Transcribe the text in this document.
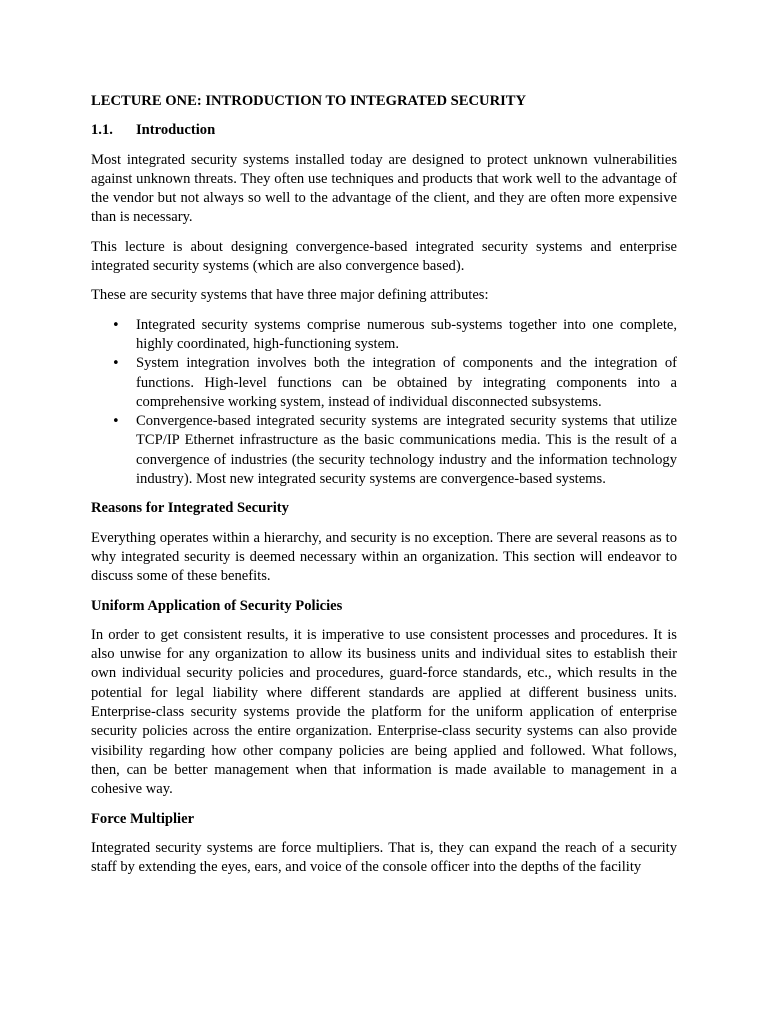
LECTURE ONE: INTRODUCTION TO INTEGRATED SECURITY
1.1.	Introduction

Most integrated security systems installed today are designed to protect unknown vulnerabilities against unknown threats. They often use techniques and products that work well to the advantage of the vendor but not always so well to the advantage of the client, and they are often more expensive than is necessary.

This lecture is about designing convergence-based integrated security systems and enterprise integrated security systems (which are also convergence based).

These are security systems that have three major defining attributes:

• Integrated security systems comprise numerous sub-systems together into one complete, highly coordinated, high-functioning system.
• System integration involves both the integration of components and the integration of functions. High-level functions can be obtained by integrating components into a comprehensive working system, instead of individual disconnected subsystems.
• Convergence-based integrated security systems are integrated security systems that utilize TCP/IP Ethernet infrastructure as the basic communications media. This is the result of a convergence of industries (the security technology industry and the information technology industry). Most new integrated security systems are convergence-based systems.
Reasons for Integrated Security

Everything operates within a hierarchy, and security is no exception. There are several reasons as to why integrated security is deemed necessary within an organization. This section will endeavor to discuss some of these benefits.

Uniform Application of Security Policies

In order to get consistent results, it is imperative to use consistent processes and procedures. It is also unwise for any organization to allow its business units and individual sites to establish their own individual security policies and procedures, guard-force standards, etc., which results in the potential for legal liability where different standards are applied at different business units. Enterprise-class security systems provide the platform for the uniform application of enterprise security policies across the entire organization. Enterprise-class security systems can also provide visibility regarding how other company policies are being applied and followed. What follows, then, can be better management when that information is made available to management in a cohesive way.

Force Multiplier

Integrated security systems are force multipliers. That is, they can expand the reach of a security staff by extending the eyes, ears, and voice of the console officer into the depths of the facility
